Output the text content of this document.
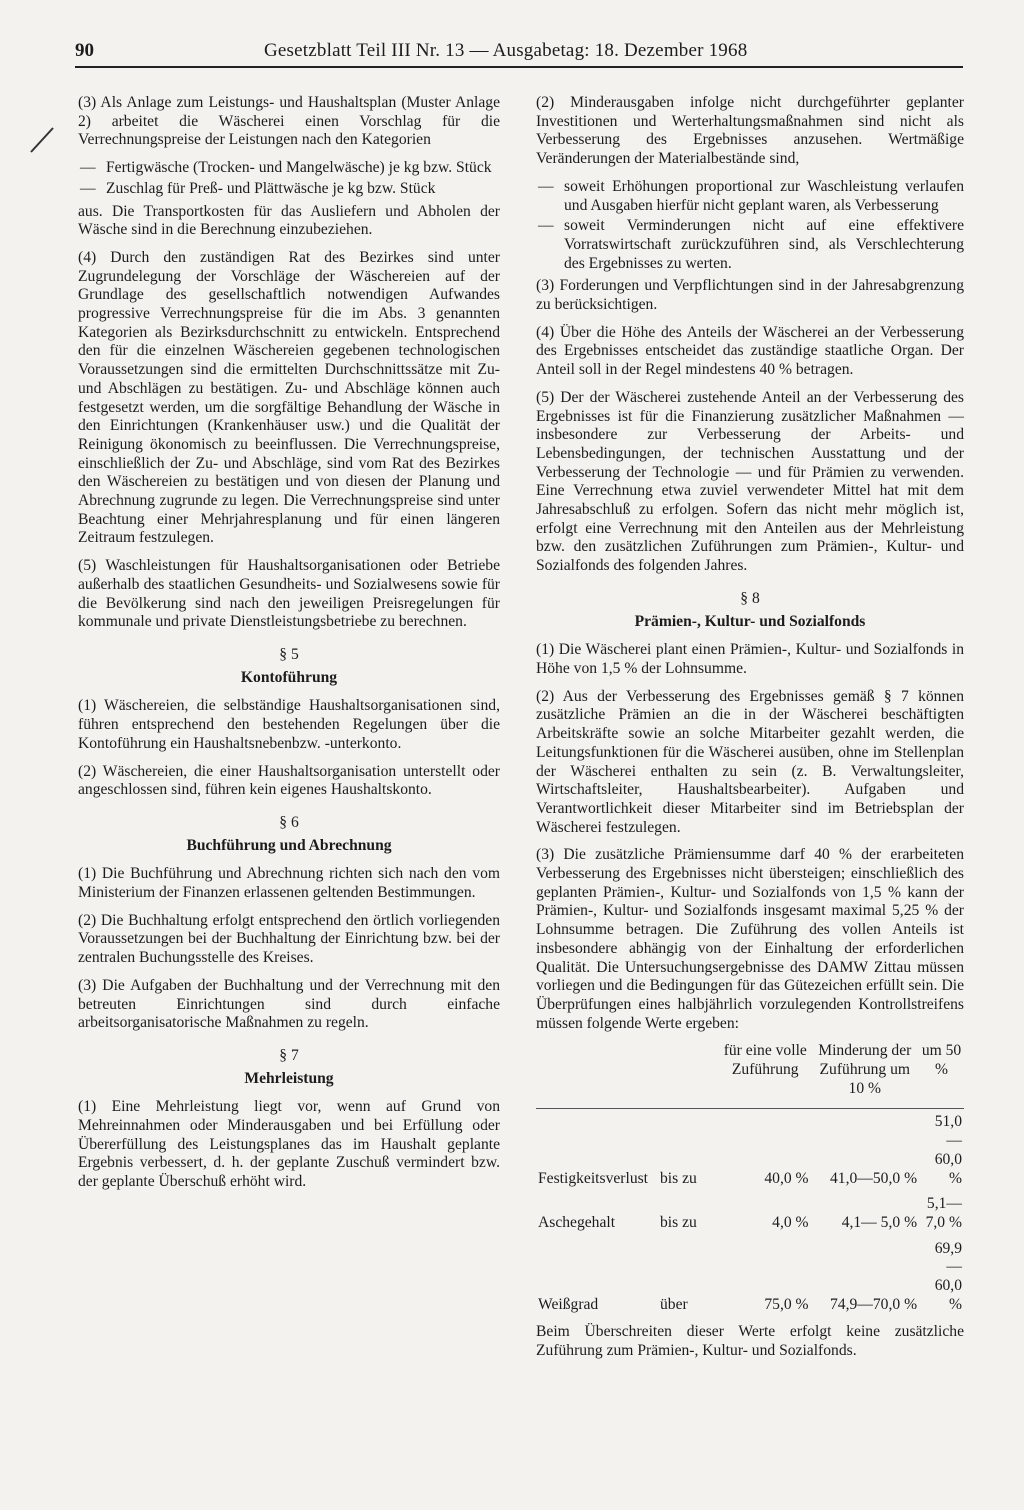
90	Gesetzblatt Teil III Nr. 13 — Ausgabetag: 18. Dezember 1968

(3) Als Anlage zum Leistungs- und Haushaltsplan (Muster Anlage 2) arbeitet die Wäscherei einen Vorschlag für die Verrechnungspreise der Leistungen nach den Kategorien

— Fertigwäsche (Trocken- und Mangelwäsche) je kg bzw. Stück
— Zuschlag für Preß- und Plättwäsche je kg bzw. Stück

aus. Die Transportkosten für das Ausliefern und Abholen der Wäsche sind in die Berechnung einzubeziehen.

(4) Durch den zuständigen Rat des Bezirkes sind unter Zugrundelegung der Vorschläge der Wäschereien auf der Grundlage des gesellschaftlich notwendigen Aufwandes progressive Verrechnungspreise für die im Abs. 3 genannten Kategorien als Bezirksdurchschnitt zu entwickeln. Entsprechend den für die einzelnen Wäschereien gegebenen technologischen Voraussetzungen sind die ermittelten Durchschnittssätze mit Zu- und Abschlägen zu bestätigen. Zu- und Abschläge können auch festgesetzt werden, um die sorgfältige Behandlung der Wäsche in den Einrichtungen (Krankenhäuser usw.) und die Qualität der Reinigung ökonomisch zu beeinflussen. Die Verrechnungspreise, einschließlich der Zu- und Abschläge, sind vom Rat des Bezirkes den Wäschereien zu bestätigen und von diesen der Planung und Abrechnung zugrunde zu legen. Die Verrechnungspreise sind unter Beachtung einer Mehrjahresplanung und für einen längeren Zeitraum festzulegen.

(5) Waschleistungen für Haushaltsorganisationen oder Betriebe außerhalb des staatlichen Gesundheits- und Sozialwesens sowie für die Bevölkerung sind nach den jeweiligen Preisregelungen für kommunale und private Dienstleistungsbetriebe zu berechnen.

§ 5
Kontoführung

(1) Wäschereien, die selbständige Haushaltsorganisationen sind, führen entsprechend den bestehenden Regelungen über die Kontoführung ein Haushaltsnebenbzw. -unterkonto.

(2) Wäschereien, die einer Haushaltsorganisation unterstellt oder angeschlossen sind, führen kein eigenes Haushaltskonto.

§ 6
Buchführung und Abrechnung

(1) Die Buchführung und Abrechnung richten sich nach den vom Ministerium der Finanzen erlassenen geltenden Bestimmungen.

(2) Die Buchhaltung erfolgt entsprechend den örtlich vorliegenden Voraussetzungen bei der Buchhaltung der Einrichtung bzw. bei der zentralen Buchungsstelle des Kreises.

(3) Die Aufgaben der Buchhaltung und der Verrechnung mit den betreuten Einrichtungen sind durch einfache arbeitsorganisatorische Maßnahmen zu regeln.

§ 7
Mehrleistung

(1) Eine Mehrleistung liegt vor, wenn auf Grund von Mehreinnahmen oder Minderausgaben und bei Erfüllung oder Übererfüllung des Leistungsplanes das im Haushalt geplante Ergebnis verbessert, d. h. der geplante Zuschuß vermindert bzw. der geplante Überschuß erhöht wird.

(2) Minderausgaben infolge nicht durchgeführter geplanter Investitionen und Werterhaltungsmaßnahmen sind nicht als Verbesserung des Ergebnisses anzusehen. Wertmäßige Veränderungen der Materialbestände sind,

— soweit Erhöhungen proportional zur Waschleistung verlaufen und Ausgaben hierfür nicht geplant waren, als Verbesserung
— soweit Verminderungen nicht auf eine effektivere Vorratswirtschaft zurückzuführen sind, als Verschlechterung des Ergebnisses zu werten.

(3) Forderungen und Verpflichtungen sind in der Jahresabgrenzung zu berücksichtigen.

(4) Über die Höhe des Anteils der Wäscherei an der Verbesserung des Ergebnisses entscheidet das zuständige staatliche Organ. Der Anteil soll in der Regel mindestens 40 % betragen.

(5) Der der Wäscherei zustehende Anteil an der Verbesserung des Ergebnisses ist für die Finanzierung zusätzlicher Maßnahmen — insbesondere zur Verbesserung der Arbeits- und Lebensbedingungen, der technischen Ausstattung und der Verbesserung der Technologie — und für Prämien zu verwenden. Eine Verrechnung etwa zuviel verwendeter Mittel hat mit dem Jahresabschluß zu erfolgen. Sofern das nicht mehr möglich ist, erfolgt eine Verrechnung mit den Anteilen aus der Mehrleistung bzw. den zusätzlichen Zuführungen zum Prämien-, Kultur- und Sozialfonds des folgenden Jahres.

§ 8
Prämien-, Kultur- und Sozialfonds

(1) Die Wäscherei plant einen Prämien-, Kultur- und Sozialfonds in Höhe von 1,5 % der Lohnsumme.

(2) Aus der Verbesserung des Ergebnisses gemäß § 7 können zusätzliche Prämien an die in der Wäscherei beschäftigten Arbeitskräfte sowie an solche Mitarbeiter gezahlt werden, die Leitungsfunktionen für die Wäscherei ausüben, ohne im Stellenplan der Wäscherei enthalten zu sein (z. B. Verwaltungsleiter, Wirtschaftsleiter, Haushaltsbearbeiter). Aufgaben und Verantwortlichkeit dieser Mitarbeiter sind im Betriebsplan der Wäscherei festzulegen.

(3) Die zusätzliche Prämiensumme darf 40 % der erarbeiteten Verbesserung des Ergebnisses nicht übersteigen; einschließlich des geplanten Prämien-, Kultur- und Sozialfonds von 1,5 % kann der Prämien-, Kultur- und Sozialfonds insgesamt maximal 5,25 % der Lohnsumme betragen. Die Zuführung des vollen Anteils ist insbesondere abhängig von der Einhaltung der erforderlichen Qualität. Die Untersuchungsergebnisse des DAMW Zittau müssen vorliegen und die Bedingungen für das Gütezeichen erfüllt sein. Die Überprüfungen eines halbjährlich vorzulegenden Kontrollstreifens müssen folgende Werte ergeben:

		für eine volle Zuführung	Minderung der Zuführung um 10 %	um 50 %

Festigkeitsverlust	bis zu	40,0 %	41,0—50,0 %	51,0—60,0 %
Aschegehalt	bis zu	4,0 %	4,1— 5,0 %	5,1— 7,0 %
Weißgrad	über	75,0 %	74,9—70,0 %	69,9—60,0 %

Beim Überschreiten dieser Werte erfolgt keine zusätzliche Zuführung zum Prämien-, Kultur- und Sozialfonds.
